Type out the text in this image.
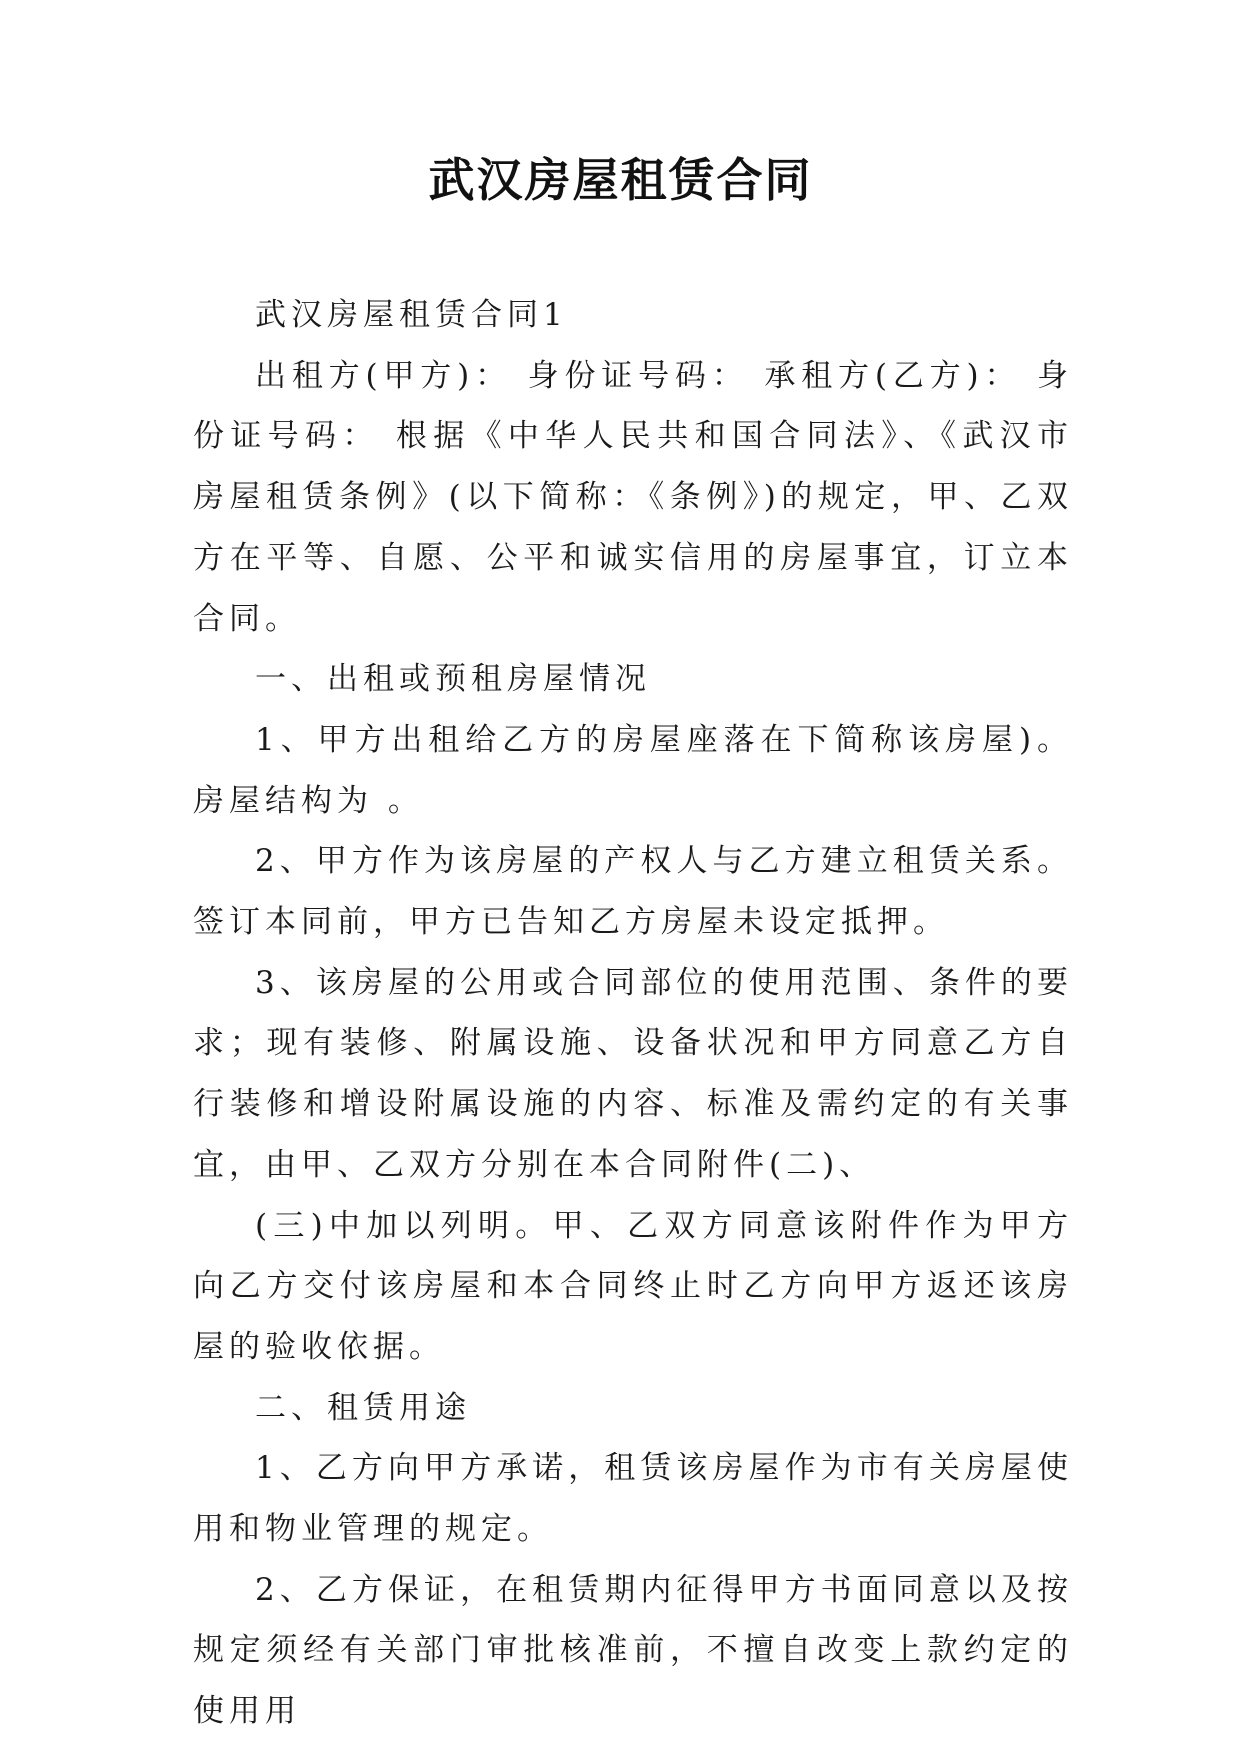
武汉房屋租赁合同

武汉房屋租赁合同1

出租方(甲方)： 身份证号码： 承租方(乙方)： 身份证号码： 根据《中华人民共和国合同法》、《武汉市房屋租赁条例》(以下简称：《条例》)的规定，甲、乙双方在平等、自愿、公平和诚实信用的房屋事宜，订立本合同。

一、出租或预租房屋情况

1、甲方出租给乙方的房屋座落在下简称该房屋)。房屋结构为 。

2、甲方作为该房屋的产权人与乙方建立租赁关系。签订本同前，甲方已告知乙方房屋未设定抵押。

3、该房屋的公用或合同部位的使用范围、条件的要求；现有装修、附属设施、设备状况和甲方同意乙方自行装修和增设附属设施的内容、标准及需约定的有关事宜，由甲、乙双方分别在本合同附件(二)、

(三)中加以列明。甲、乙双方同意该附件作为甲方向乙方交付该房屋和本合同终止时乙方向甲方返还该房屋的验收依据。

二、租赁用途

1、乙方向甲方承诺，租赁该房屋作为市有关房屋使用和物业管理的规定。

2、乙方保证，在租赁期内征得甲方书面同意以及按规定须经有关部门审批核准前，不擅自改变上款约定的使用用
